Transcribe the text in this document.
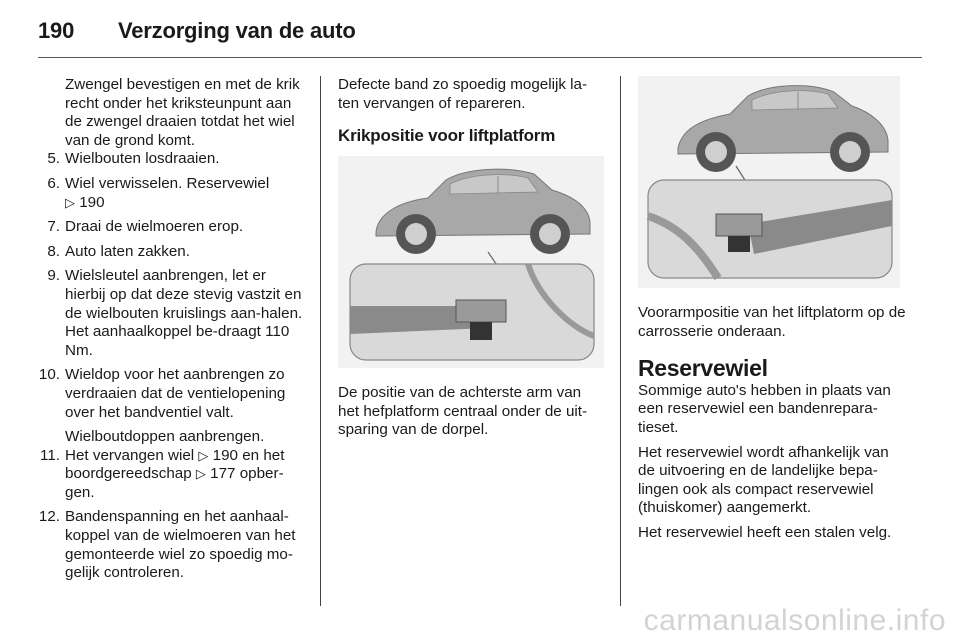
190 Verzorging van de auto

Zwengel bevestigen en met de krik recht onder het kriksteunpunt aan de zwengel draaien totdat het wiel van de grond komt.

5. Wielbouten losdraaien.
6. Wiel verwisselen. Reservewiel
▷ 190
7. Draai de wielmoeren erop.
8. Auto laten zakken.
9. Wielsleutel aanbrengen, let er hierbij op dat deze stevig vastzit en de wielbouten kruislings aan-halen. Het aanhaalkoppel be-draagt 110 Nm.
10. Wieldop voor het aanbrengen zo verdraaien dat de ventielopening over het bandventiel valt.

Wielboutdoppen aanbrengen.

11. Het vervangen wiel ▷ 190 en het boordgereedschap ▷ 177 opber-gen.
12. Bandenspanning en het aanhaal-koppel van de wielmoeren van het gemonteerde wiel zo spoedig mo-gelijk controleren.

Defecte band zo spoedig mogelijk la-ten vervangen of repareren.

Krikpositie voor liftplatform

De positie van de achterste arm van het hefplatform centraal onder de uit-sparing van de dorpel.

Voorarmpositie van het liftplatorm op de carrosserie onderaan.

Reservewiel

Sommige auto's hebben in plaats van een reservewiel een bandenrepara-tieset.

Het reservewiel wordt afhankelijk van de uitvoering en de landelijke bepa-lingen ook als compact reservewiel (thuiskomer) aangemerkt.

Het reservewiel heeft een stalen velg.

carmanualsonline.info
